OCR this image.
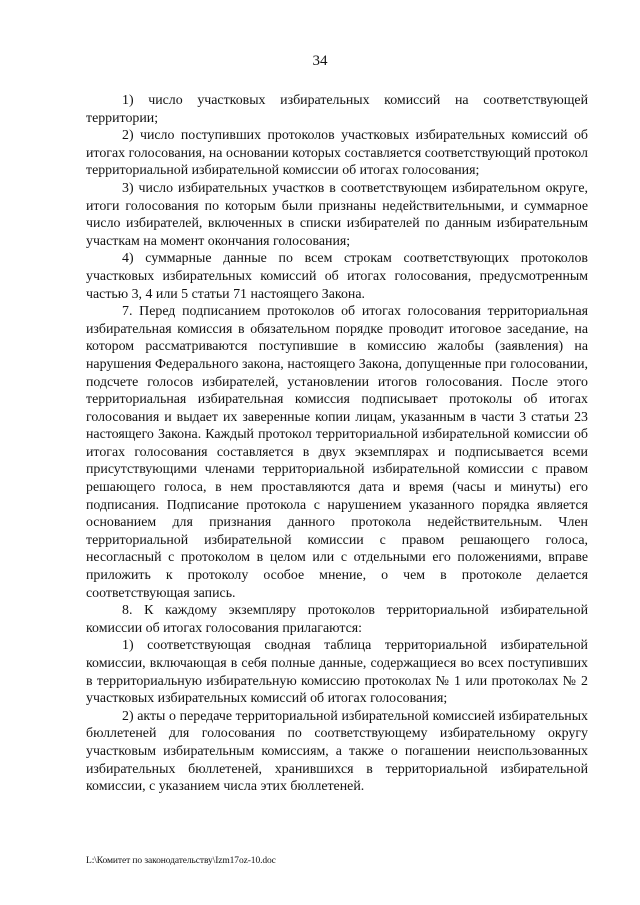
34

1) число участковых избирательных комиссий на соответствующей территории;

2) число поступивших протоколов участковых избирательных комиссий об итогах голосования, на основании которых составляется соответствующий протокол территориальной избирательной комиссии об итогах голосования;

3) число избирательных участков в соответствующем избирательном округе, итоги голосования по которым были признаны недействительными, и суммарное число избирателей, включенных в списки избирателей по данным избирательным участкам на момент окончания голосования;

4) суммарные данные по всем строкам соответствующих протоколов участковых избирательных комиссий об итогах голосования, предусмотренным частью 3, 4 или 5 статьи 71 настоящего Закона.

7. Перед подписанием протоколов об итогах голосования территориальная избирательная комиссия в обязательном порядке проводит итоговое заседание, на котором рассматриваются поступившие в комиссию жалобы (заявления) на нарушения Федерального закона, настоящего Закона, допущенные при голосовании, подсчете голосов избирателей, установлении итогов голосования. После этого территориальная избирательная комиссия подписывает протоколы об итогах голосования и выдает их заверенные копии лицам, указанным в части 3 статьи 23 настоящего Закона. Каждый протокол территориальной избирательной комиссии об итогах голосования составляется в двух экземплярах и подписывается всеми присутствующими членами территориальной избирательной комиссии с правом решающего голоса, в нем проставляются дата и время (часы и минуты) его подписания. Подписание протокола с нарушением указанного порядка является основанием для признания данного протокола недействительным. Член территориальной избирательной комиссии с правом решающего голоса, несогласный с протоколом в целом или с отдельными его положениями, вправе приложить к протоколу особое мнение, о чем в протоколе делается соответствующая запись.

8. К каждому экземпляру протоколов территориальной избирательной комиссии об итогах голосования прилагаются:

1) соответствующая сводная таблица территориальной избирательной комиссии, включающая в себя полные данные, содержащиеся во всех поступивших в территориальную избирательную комиссию протоколах № 1 или протоколах № 2 участковых избирательных комиссий об итогах голосования;

2) акты о передаче территориальной избирательной комиссией избирательных бюллетеней для голосования по соответствующему избирательному округу участковым избирательным комиссиям, а также о погашении неиспользованных избирательных бюллетеней, хранившихся в территориальной избирательной комиссии, с указанием числа этих бюллетеней.

L:\Комитет по законодательству\Izm17oz-10.doc
